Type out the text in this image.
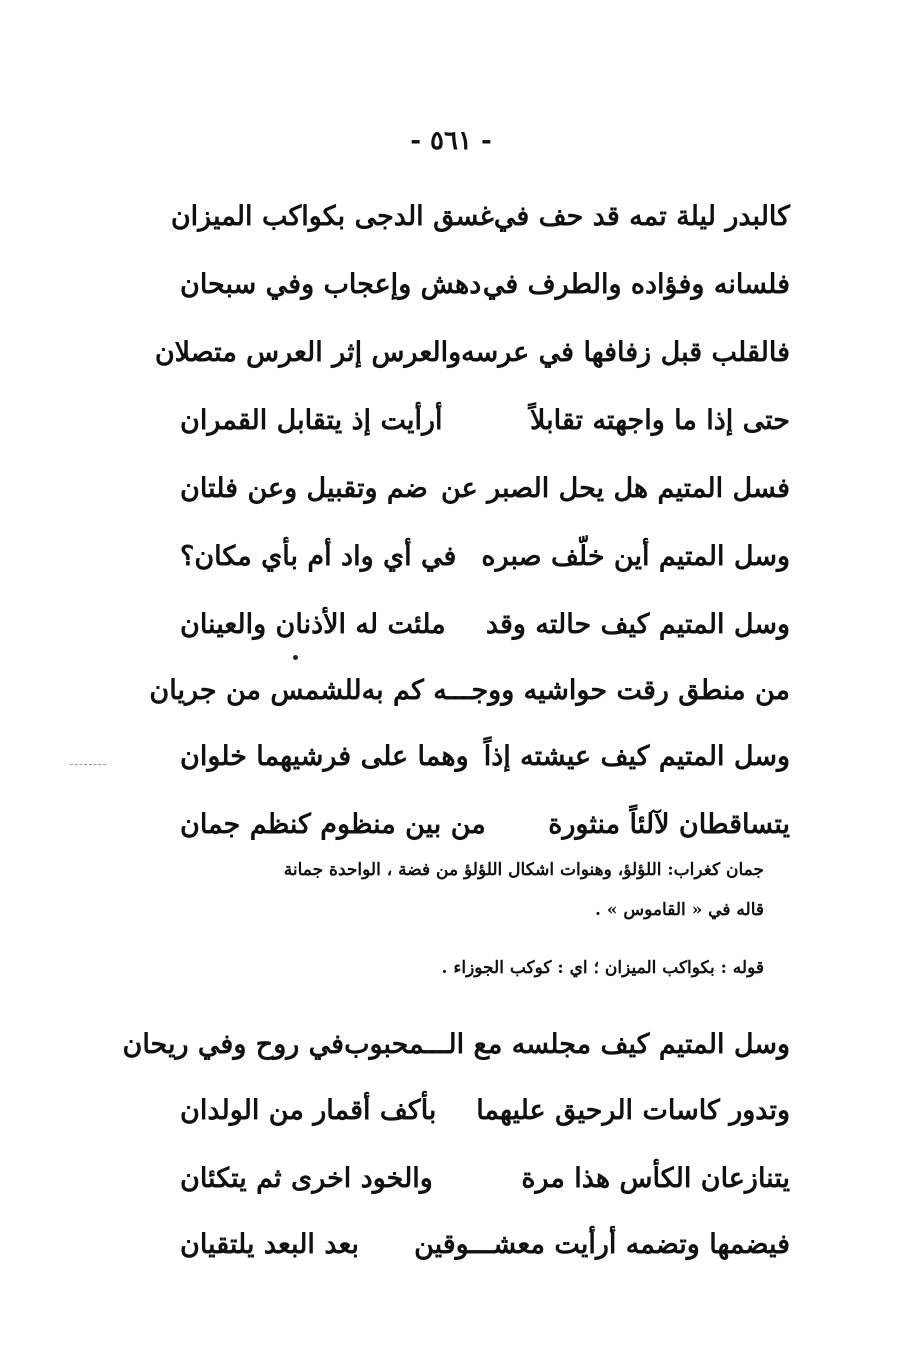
- ٥٦١ -
كالبدر ليلة تمه قد حف في
غسق الدجى بكواكب الميزان
فلسانه وفؤاده والطرف في
دهش وإعجاب وفي سبحان
فالقلب قبل زفافها في عرسه
والعرس إثر العرس متصلان
حتى إذا ما واجهته تقابلاً
أرأيت إذ يتقابل القمران
فسل المتيم هل يحل الصبر عن
ضم وتقبيل وعن فلتان
وسل المتيم أين خلّف صبره
في أي واد أم بأي مكان؟
وسل المتيم كيف حالته وقد
ملئت له الأذنان والعينان
من منطق رقت حواشيه ووجـــه كم به
للشمس من جريان
وسل المتيم كيف عيشته إذاً
وهما على فرشيهما خلوان
يتساقطان لآلئاً منثورة
من بين منظوم كنظم جمان
جمان كغراب: اللؤلؤ، وهنوات اشكال اللؤلؤ من فضة ، الواحدة جمانة
قاله في « القاموس » .
قوله : بكواكب الميزان ؛ اي : كوكب الجوزاء .
وسل المتيم كيف مجلسه مع الـــمحبوب
في روح وفي ريحان
وتدور كاسات الرحيق عليهما
بأكف أقمار من الولدان
يتنازعان الكأس هذا مرة
والخود اخرى ثم يتكئان
فيضمها وتضمه أرأيت معشـــوقين
بعد البعد يلتقيان
